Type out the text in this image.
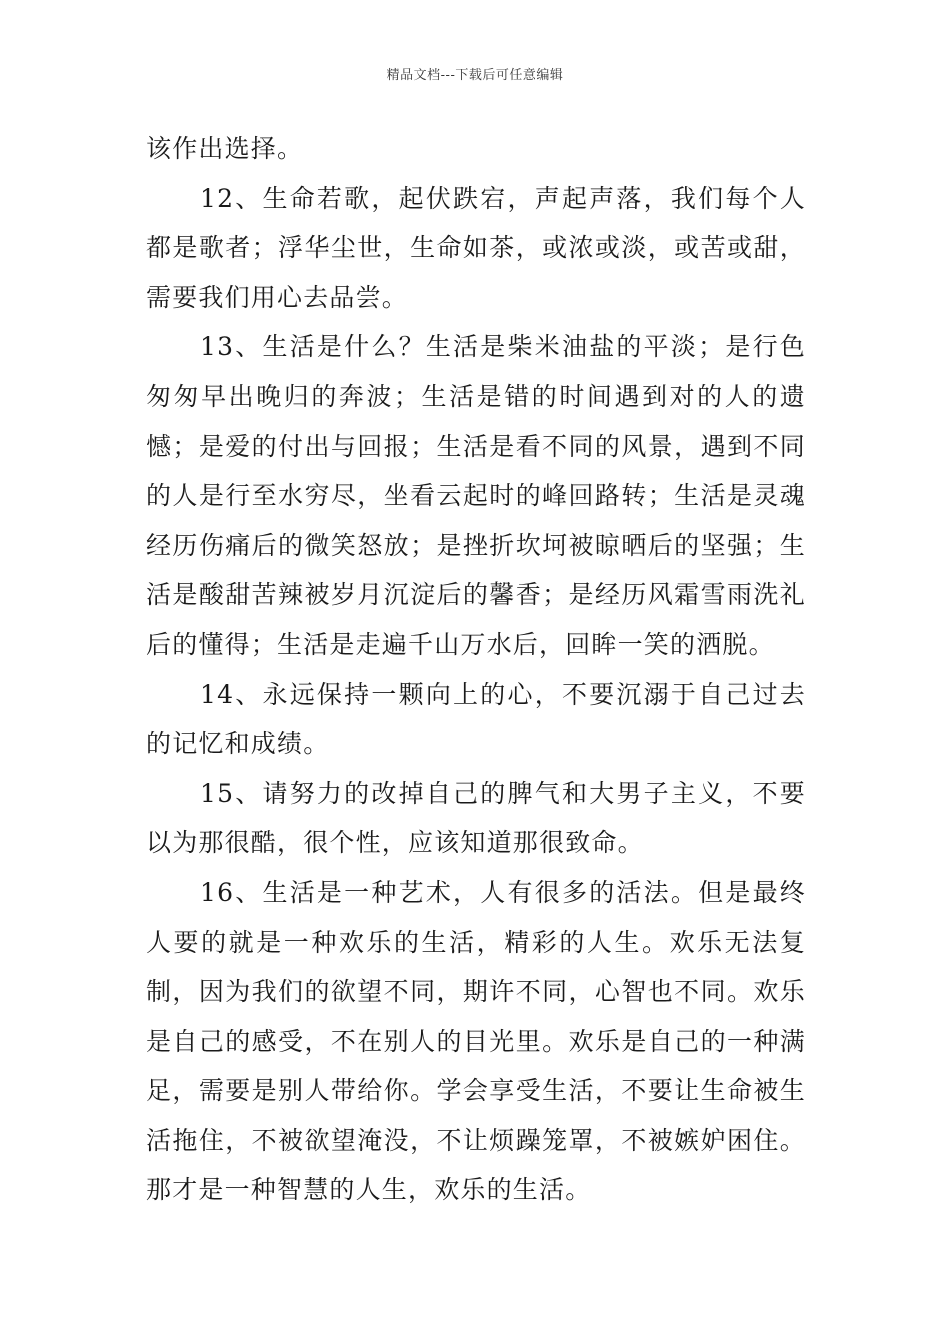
精品文档---下载后可任意编辑

该作出选择。

12、生命若歌，起伏跌宕，声起声落，我们每个人都是歌者；浮华尘世，生命如茶，或浓或淡，或苦或甜，需要我们用心去品尝。

13、生活是什么？生活是柴米油盐的平淡；是行色匆匆早出晚归的奔波；生活是错的时间遇到对的人的遗憾；是爱的付出与回报；生活是看不同的风景，遇到不同的人是行至水穷尽，坐看云起时的峰回路转；生活是灵魂经历伤痛后的微笑怒放；是挫折坎坷被晾晒后的坚强；生活是酸甜苦辣被岁月沉淀后的馨香；是经历风霜雪雨洗礼后的懂得；生活是走遍千山万水后，回眸一笑的洒脱。

14、永远保持一颗向上的心，不要沉溺于自己过去的记忆和成绩。

15、请努力的改掉自己的脾气和大男子主义，不要以为那很酷，很个性，应该知道那很致命。

16、生活是一种艺术，人有很多的活法。但是最终人要的就是一种欢乐的生活，精彩的人生。欢乐无法复制，因为我们的欲望不同，期许不同，心智也不同。欢乐是自己的感受，不在别人的目光里。欢乐是自己的一种满足，需要是别人带给你。学会享受生活，不要让生命被生活拖住，不被欲望淹没，不让烦躁笼罩，不被嫉妒困住。那才是一种智慧的人生，欢乐的生活。
